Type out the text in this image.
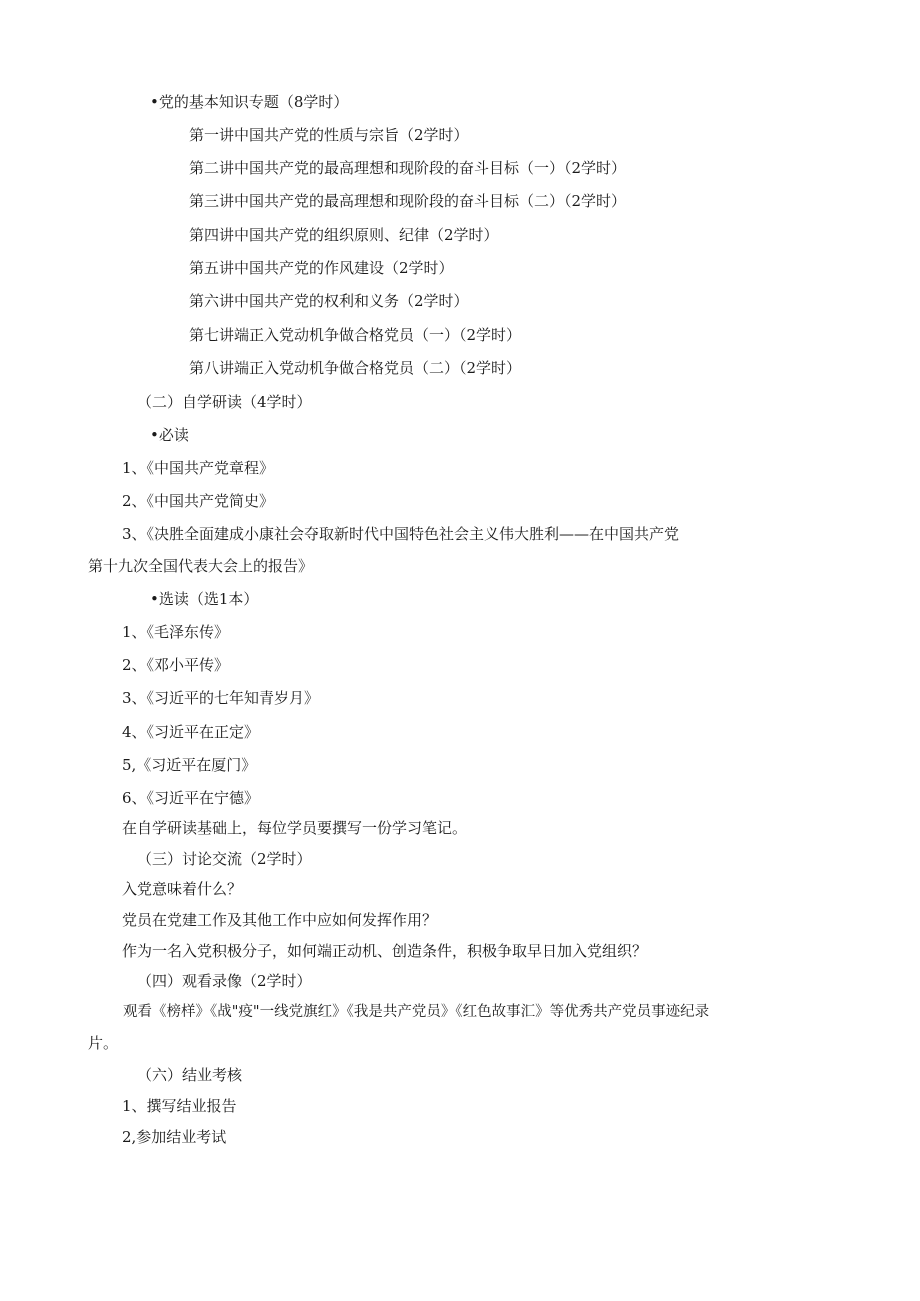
•党的基本知识专题（8学时）
第一讲中国共产党的性质与宗旨（2学时）
第二讲中国共产党的最高理想和现阶段的奋斗目标（一）（2学时）
第三讲中国共产党的最高理想和现阶段的奋斗目标（二）（2学时）
第四讲中国共产党的组织原则、纪律（2学时）
第五讲中国共产党的作风建设（2学时）
第六讲中国共产党的权利和义务（2学时）
第七讲端正入党动机争做合格党员（一）（2学时）
第八讲端正入党动机争做合格党员（二）（2学时）
（二）自学研读（4学时）
•必读
1、《中国共产党章程》
2、《中国共产党简史》
3、《决胜全面建成小康社会夺取新时代中国特色社会主义伟大胜利——在中国共产党
第十九次全国代表大会上的报告》
•选读（选1本）
1、《毛泽东传》
2、《邓小平传》
3、《习近平的七年知青岁月》
4、《习近平在正定》
5,《习近平在厦门》
6、《习近平在宁德》
在自学研读基础上，每位学员要撰写一份学习笔记。
（三）讨论交流（2学时）
入党意味着什么？
党员在党建工作及其他工作中应如何发挥作用？
作为一名入党积极分子，如何端正动机、创造条件，积极争取早日加入党组织？
（四）观看录像（2学时）
观看《榜样》《战"疫"一线党旗红》《我是共产党员》《红色故事汇》等优秀共产党员事迹纪录
片。
（六）结业考核
1、撰写结业报告
2,参加结业考试
